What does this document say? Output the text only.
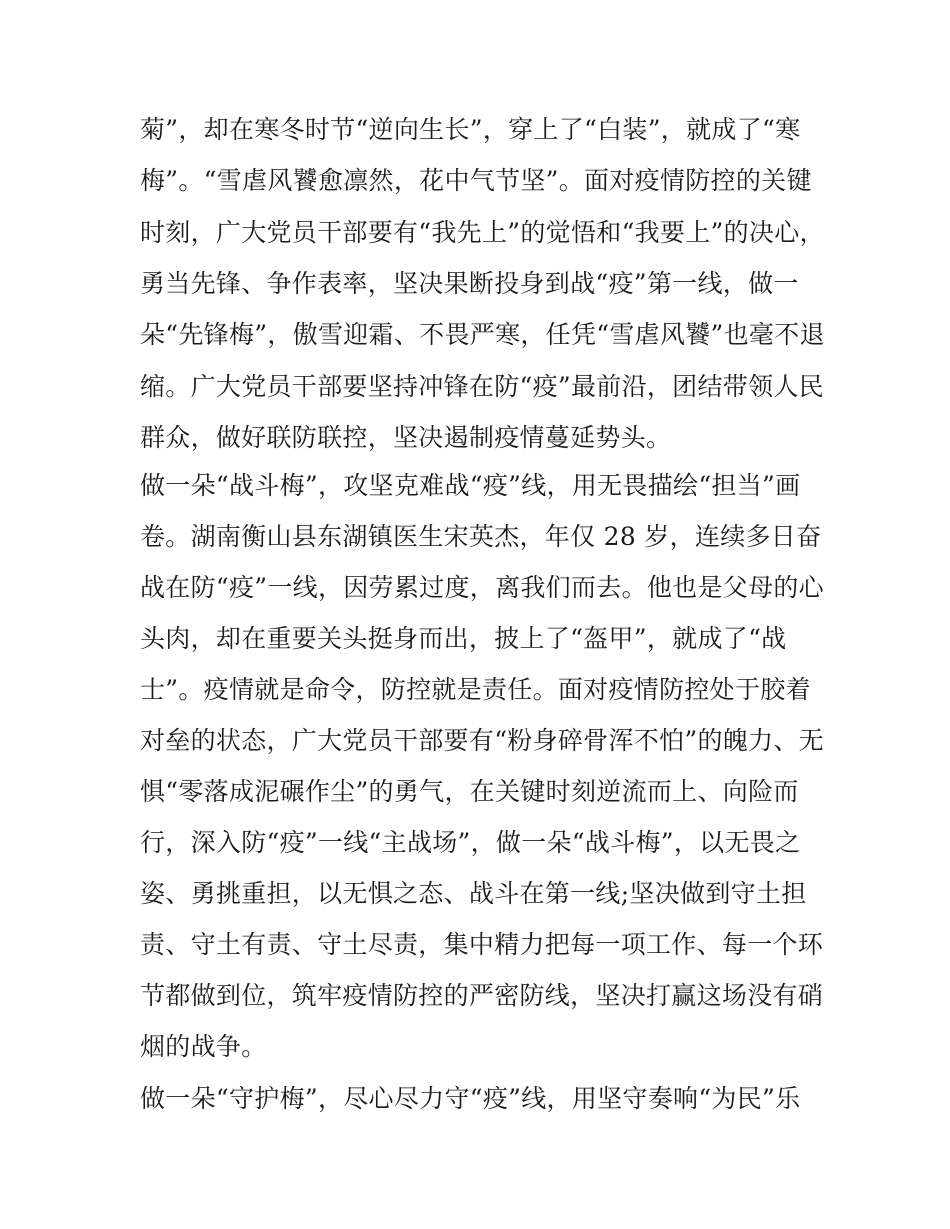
菊”，却在寒冬时节“逆向生长”，穿上了“白装”，就成了“寒

梅”。“雪虐风饕愈凛然，花中气节坚”。面对疫情防控的关键

时刻，广大党员干部要有“我先上”的觉悟和“我要上”的决心，

勇当先锋、争作表率，坚决果断投身到战“疫”第一线，做一

朵“先锋梅”，傲雪迎霜、不畏严寒，任凭“雪虐风饕”也毫不退

缩。广大党员干部要坚持冲锋在防“疫”最前沿，团结带领人民

群众，做好联防联控，坚决遏制疫情蔓延势头。

做一朵“战斗梅”，攻坚克难战“疫”线，用无畏描绘“担当”画

卷。湖南衡山县东湖镇医生宋英杰，年仅 28 岁，连续多日奋

战在防“疫”一线，因劳累过度，离我们而去。他也是父母的心

头肉，却在重要关头挺身而出，披上了“盔甲”，就成了“战

士”。疫情就是命令，防控就是责任。面对疫情防控处于胶着

对垒的状态，广大党员干部要有“粉身碎骨浑不怕”的魄力、无

惧“零落成泥碾作尘”的勇气，在关键时刻逆流而上、向险而

行，深入防“疫”一线“主战场”，做一朵“战斗梅”，以无畏之

姿、勇挑重担，以无惧之态、战斗在第一线;坚决做到守土担

责、守土有责、守土尽责，集中精力把每一项工作、每一个环

节都做到位，筑牢疫情防控的严密防线，坚决打赢这场没有硝

烟的战争。

做一朵“守护梅”，尽心尽力守“疫”线，用坚守奏响“为民”乐
